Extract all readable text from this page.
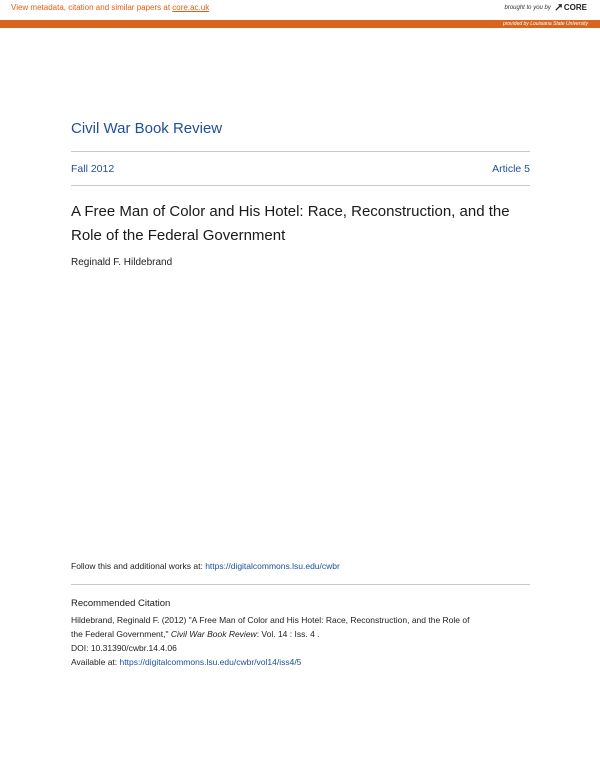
View metadata, citation and similar papers at core.ac.uk	brought to you by CORE
provided by Louisiana State University
Civil War Book Review
Fall 2012	Article 5
A Free Man of Color and His Hotel: Race, Reconstruction, and the Role of the Federal Government
Reginald F. Hildebrand
Follow this and additional works at: https://digitalcommons.lsu.edu/cwbr
Recommended Citation
Hildebrand, Reginald F. (2012) "A Free Man of Color and His Hotel: Race, Reconstruction, and the Role of
the Federal Government," Civil War Book Review: Vol. 14 : Iss. 4 .
DOI: 10.31390/cwbr.14.4.06
Available at: https://digitalcommons.lsu.edu/cwbr/vol14/iss4/5
